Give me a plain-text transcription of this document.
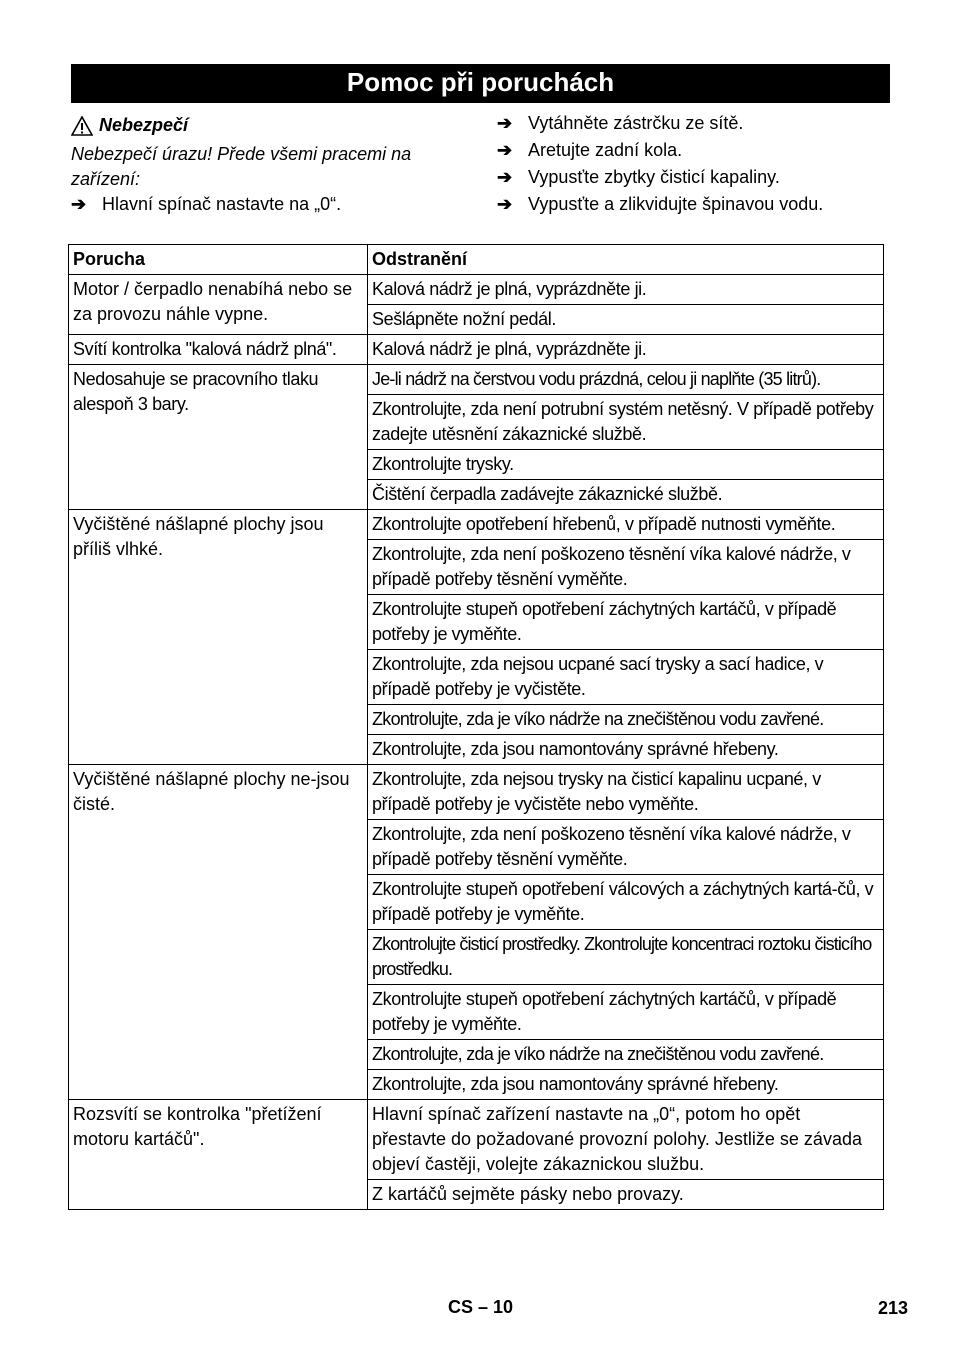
Pomoc při poruchách
Nebezpečí
Nebezpečí úrazu! Přede všemi pracemi na zařízení:
➔ Hlavní spínač nastavte na „0“.
➔ Vytáhněte zástrčku ze sítě.
➔ Aretujte zadní kola.
➔ Vypusťte zbytky čisticí kapaliny.
➔ Vypusťte a zlikvidujte špinavou vodu.
Porucha	Odstranění
Motor / čerpadlo nenabíhá nebo se za provozu náhle vypne.	Kalová nádrž je plná, vyprázdněte ji.
	Sešlápněte nožní pedál.
Svítí kontrolka "kalová nádrž plná".	Kalová nádrž je plná, vyprázdněte ji.
Nedosahuje se pracovního tlaku alespoň 3 bary.	Je-li nádrž na čerstvou vodu prázdná, celou ji naplňte (35 litrů).
	Zkontrolujte, zda není potrubní systém netěsný. V případě potřeby zadejte utěsnění zákaznické službě.
	Zkontrolujte trysky.
	Čištění čerpadla zadávejte zákaznické službě.
Vyčištěné nášlapné plochy jsou příliš vlhké.	Zkontrolujte opotřebení hřebenů, v případě nutnosti vyměňte.
	Zkontrolujte, zda není poškozeno těsnění víka kalové nádrže, v případě potřeby těsnění vyměňte.
	Zkontrolujte stupeň opotřebení záchytných kartáčů, v případě potřeby je vyměňte.
	Zkontrolujte, zda nejsou ucpané sací trysky a sací hadice, v případě potřeby je vyčistěte.
	Zkontrolujte, zda je víko nádrže na znečištěnou vodu zavřené.
	Zkontrolujte, zda jsou namontovány správné hřebeny.
Vyčištěné nášlapné plochy ne-jsou čisté.	Zkontrolujte, zda nejsou trysky na čisticí kapalinu ucpané, v případě potřeby je vyčistěte nebo vyměňte.
	Zkontrolujte, zda není poškozeno těsnění víka kalové nádrže, v případě potřeby těsnění vyměňte.
	Zkontrolujte stupeň opotřebení válcových a záchytných kartá-čů, v případě potřeby je vyměňte.
	Zkontrolujte čisticí prostředky. Zkontrolujte koncentraci roztoku čisticího prostředku.
	Zkontrolujte stupeň opotřebení záchytných kartáčů, v případě potřeby je vyměňte.
	Zkontrolujte, zda je víko nádrže na znečištěnou vodu zavřené.
	Zkontrolujte, zda jsou namontovány správné hřebeny.
Rozsvítí se kontrolka "přetížení motoru kartáčů".	Hlavní spínač zařízení nastavte na „0“, potom ho opět přestavte do požadované provozní polohy. Jestliže se závada objeví častěji, volejte zákaznickou službu.
	Z kartáčů sejměte pásky nebo provazy.
CS – 10	213
